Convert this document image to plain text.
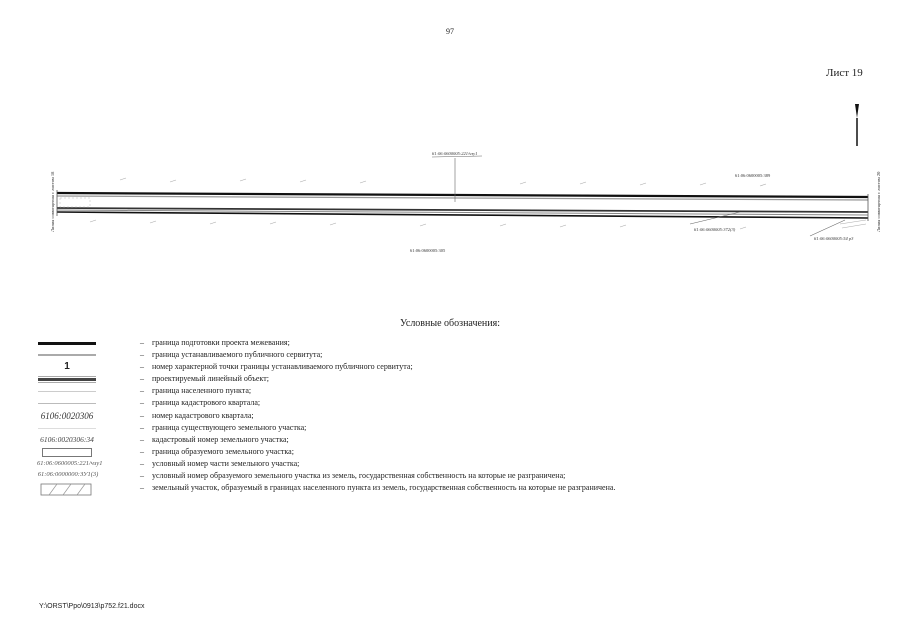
97
Лист 19
Линия совмещения с листом 18	Линия совмещения с листом 20
61:06:0600005:221/чзу1
61:06:0600005:389
61:06:0600005:305
61:06:0600005:372(3)
61:06:0600005:54 p3
Условные обозначения:
– граница подготовки проекта межевания;
– граница устанавливаемого публичного сервитута;
1	– номер характерной точки границы устанавливаемого публичного сервитута;
– проектируемый линейный объект;
– граница населенного пункта;
– граница кадастрового квартала;
6106:0020306	– номер кадастрового квартала;
– граница существующего земельного участка;
6106:0020306:34	– кадастровый номер земельного участка;
– граница образуемого земельного участка;
61:06:0600005:221/чзу1	– условный номер части земельного участка;
61:06:0000000:ЗУ1(3)	– условный номер образуемого земельного участка из земель, государственная собственность на которые не разграничена;
– земельный участок, образуемый в границах населенного пункта из земель, государственная собственность на которые не разграничена.
Y:\ORST\Ppo\0913\p752.f21.docx
